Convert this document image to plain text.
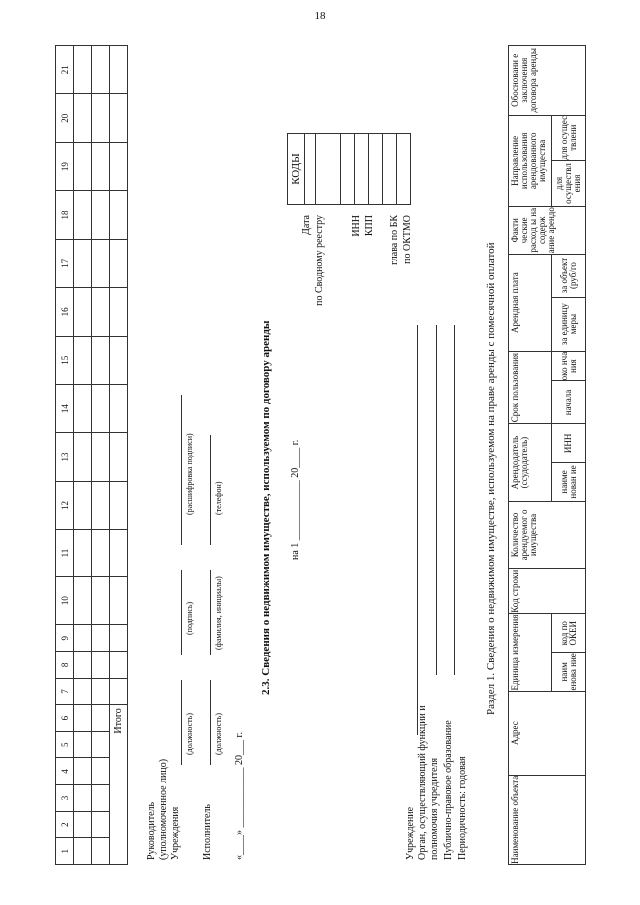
18
1	2	3	4	5	6	7	8	9	10	11	12	13	14	15	16	17	18	19	20	21

Итого																				
Руководитель (уполномоченное лицо) Учреждения
(должность)
(подпись)
(расшифровка подписи)
Исполнитель
(должность)
(фамилия, инициалы)
(телефон)
«____» ____________ 20___ г.
2.3. Сведения о недвижимом имуществе, используемом по договору аренды на 1 ____________ 20____ г.
Дата по Сводному реестру	ИНН КПП глава по БК по ОКТМО
КОДЫ

Учреждение Орган, осуществляющий функции и полномочия учредителя Публично-правовое образование Периодичность: годовая
Раздел 1. Сведения о недвижимом имуществе, используемом на праве аренды с помесячной оплатой
Наименование объекта	Адрес	Единица измерения		Код строки	Количество арендуемог о имущества	Арендодатель (ссудодатель)		Срок пользования		Арендная плата		Факти ческие расход ы на содерж ание арендо	Направление использования арендованного имущества		Обосновани е заключения договора аренды
		наим енова ние	код по ОКЕИ			наиме нован ие	ИНН	начала	око нча ния	за единицу меры	за объект (руб/го		для осуществл ения	для осущес твлени	
